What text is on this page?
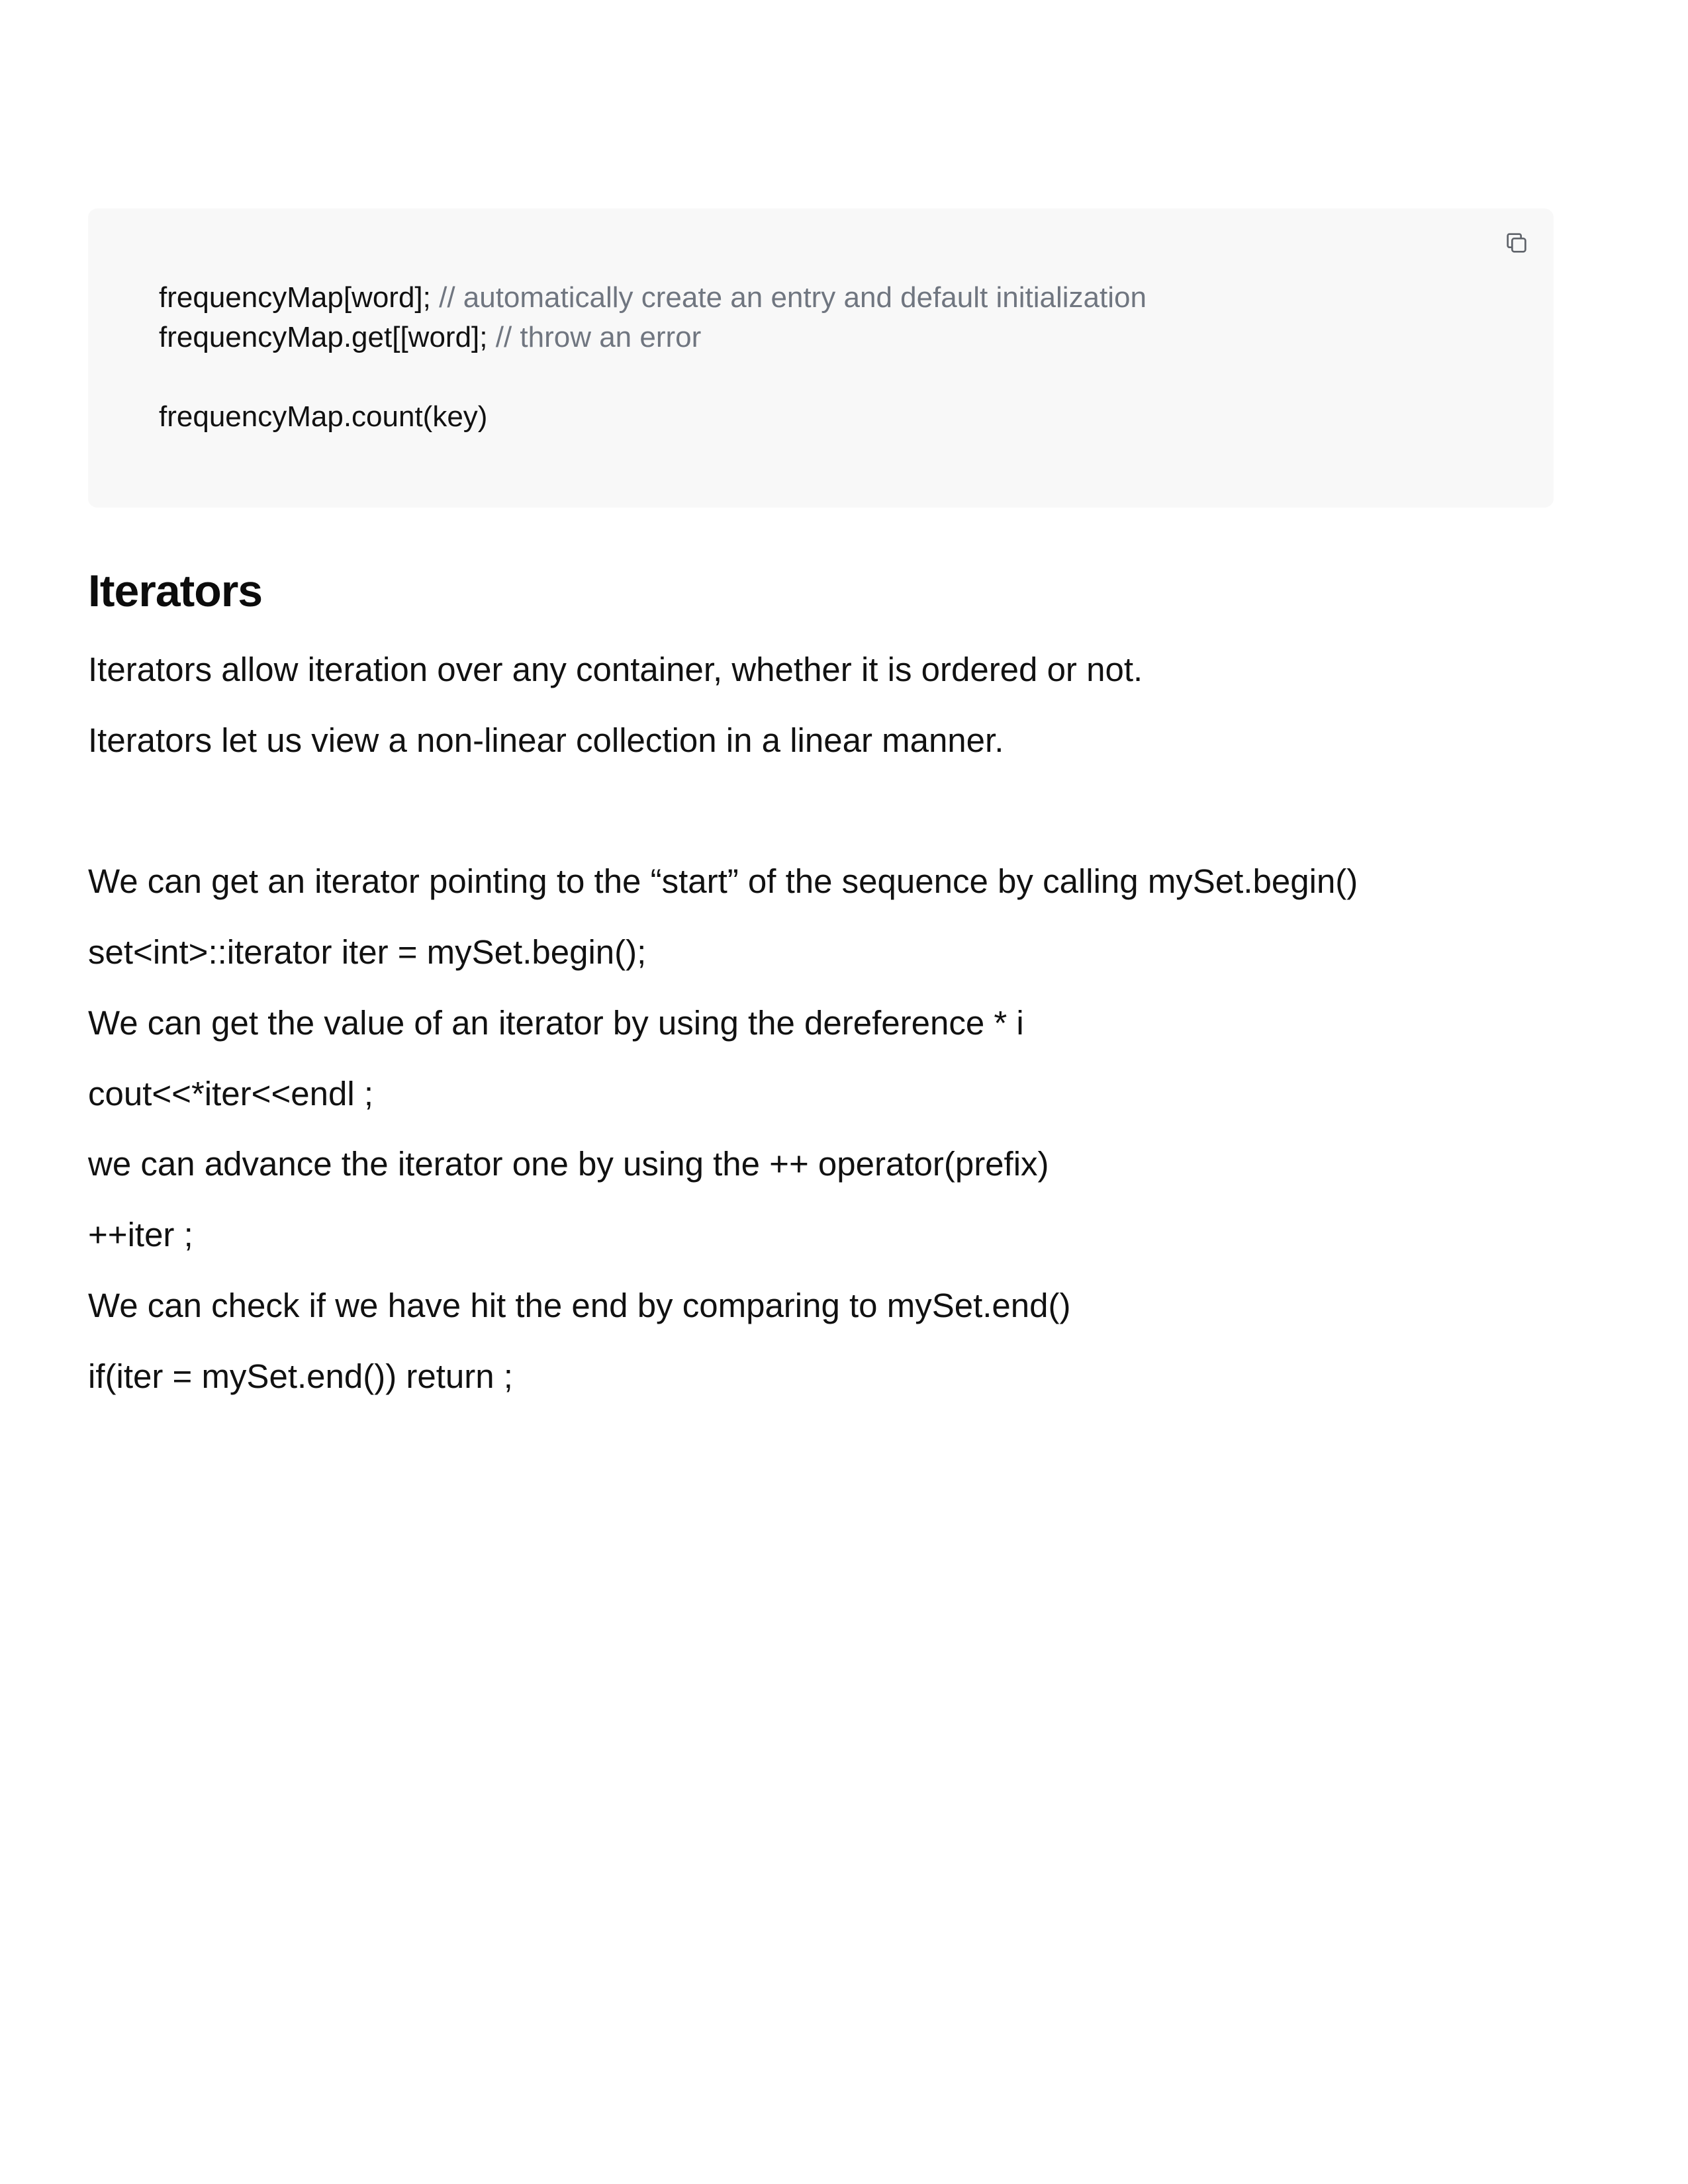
frequencyMap[word]; // automatically create an entry and default initialization
frequencyMap.get[[word]; // throw an error
frequencyMap.count(key)
Iterators

Iterators allow iteration over any container, whether it is ordered or not.

Iterators let us view a non-linear collection in a linear manner.

We can get an iterator pointing to the “start” of the sequence by calling mySet.begin()

set<int>::iterator iter = mySet.begin();

We can get the value of an iterator by using the dereference * i

cout<<*iter<<endl ;

we can advance the iterator one by using the ++ operator(prefix)

++iter ;

We can check if we have hit the end by comparing to mySet.end()

if(iter = mySet.end()) return ;
